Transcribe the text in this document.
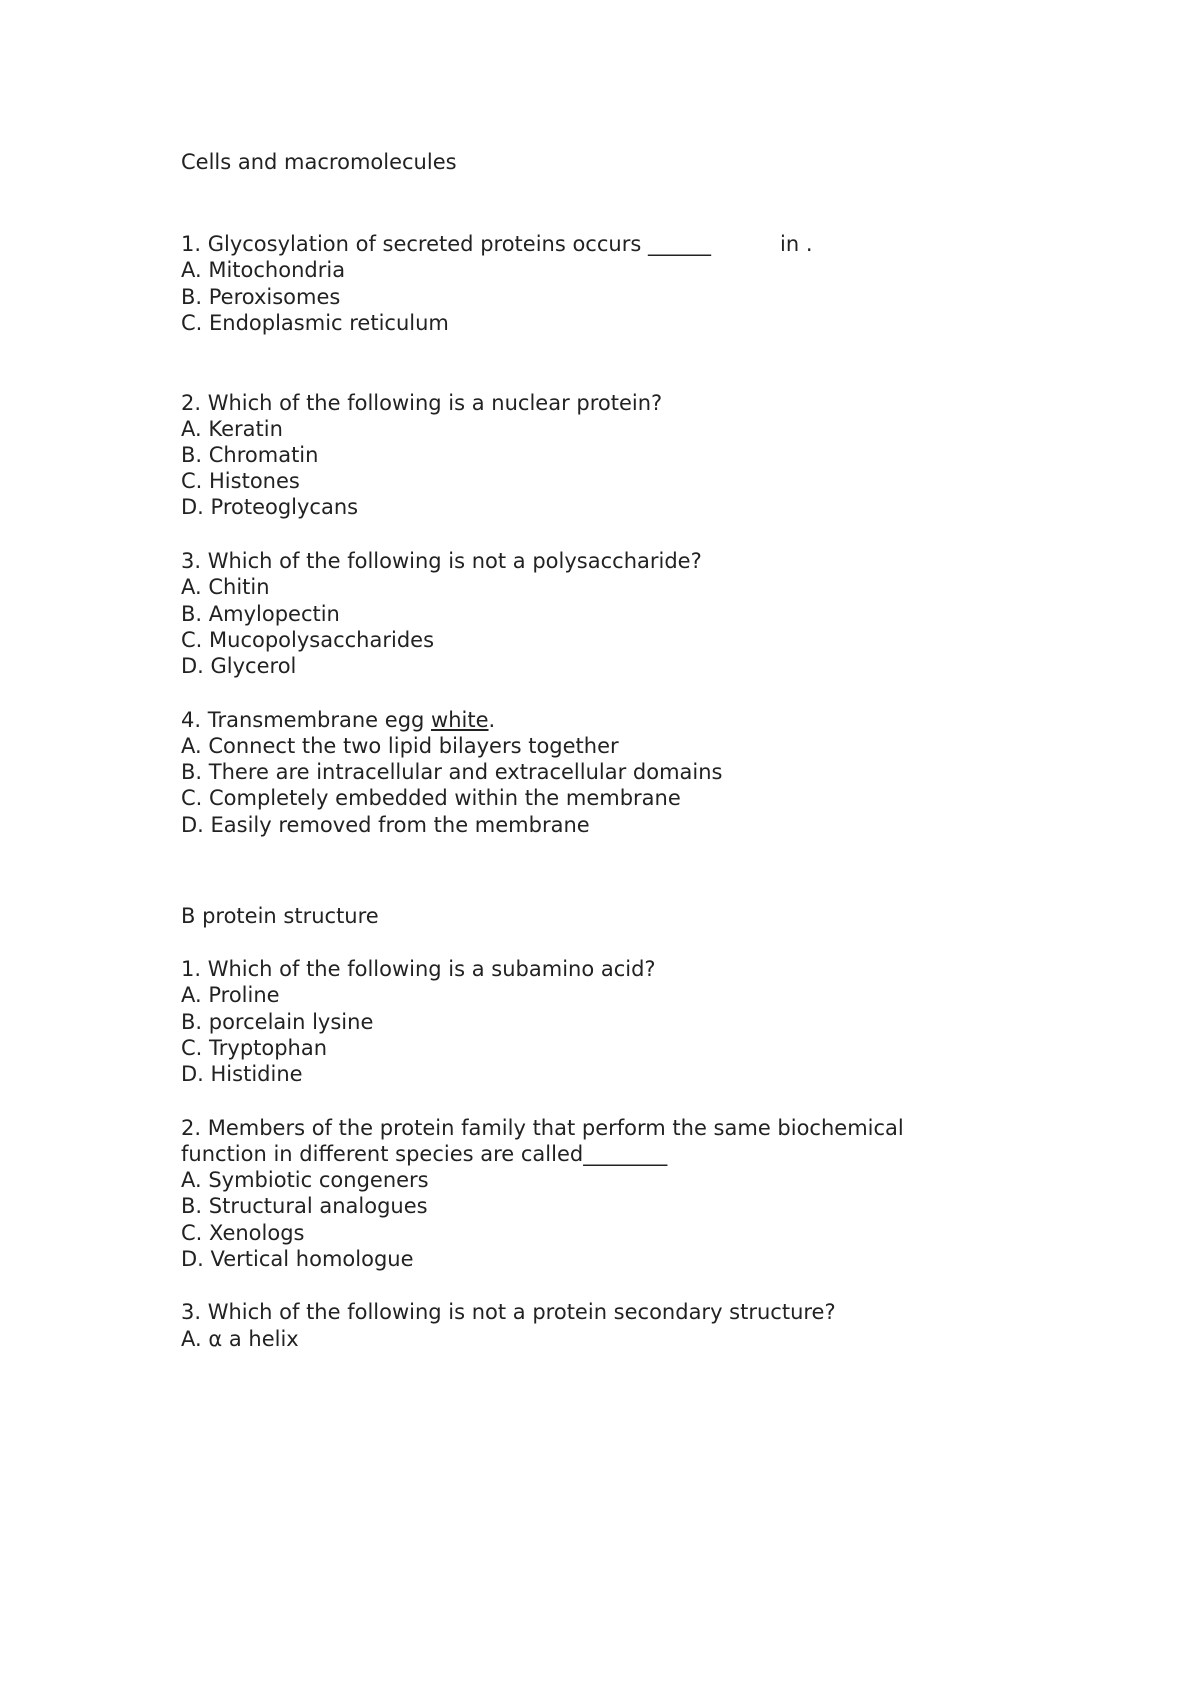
Cells and macromolecules
1. Glycosylation of secreted proteins occurs ______	in .
A. Mitochondria
B. Peroxisomes
C. Endoplasmic reticulum
2. Which of the following is a nuclear protein?
A. Keratin
B. Chromatin
C. Histones
D. Proteoglycans
3. Which of the following is not a polysaccharide?
A. Chitin
B. Amylopectin
C. Mucopolysaccharides
D. Glycerol
4. Transmembrane egg white.
A. Connect the two lipid bilayers together
B. There are intracellular and extracellular domains
C. Completely embedded within the membrane
D. Easily removed from the membrane
B protein structure
1. Which of the following is a subamino acid?
A. Proline
B. porcelain lysine
C. Tryptophan
D. Histidine
2. Members of the protein family that perform the same biochemical
function in different species are called________
A. Symbiotic congeners
B. Structural analogues
C. Xenologs
D. Vertical homologue
3. Which of the following is not a protein secondary structure?
A. α a helix
